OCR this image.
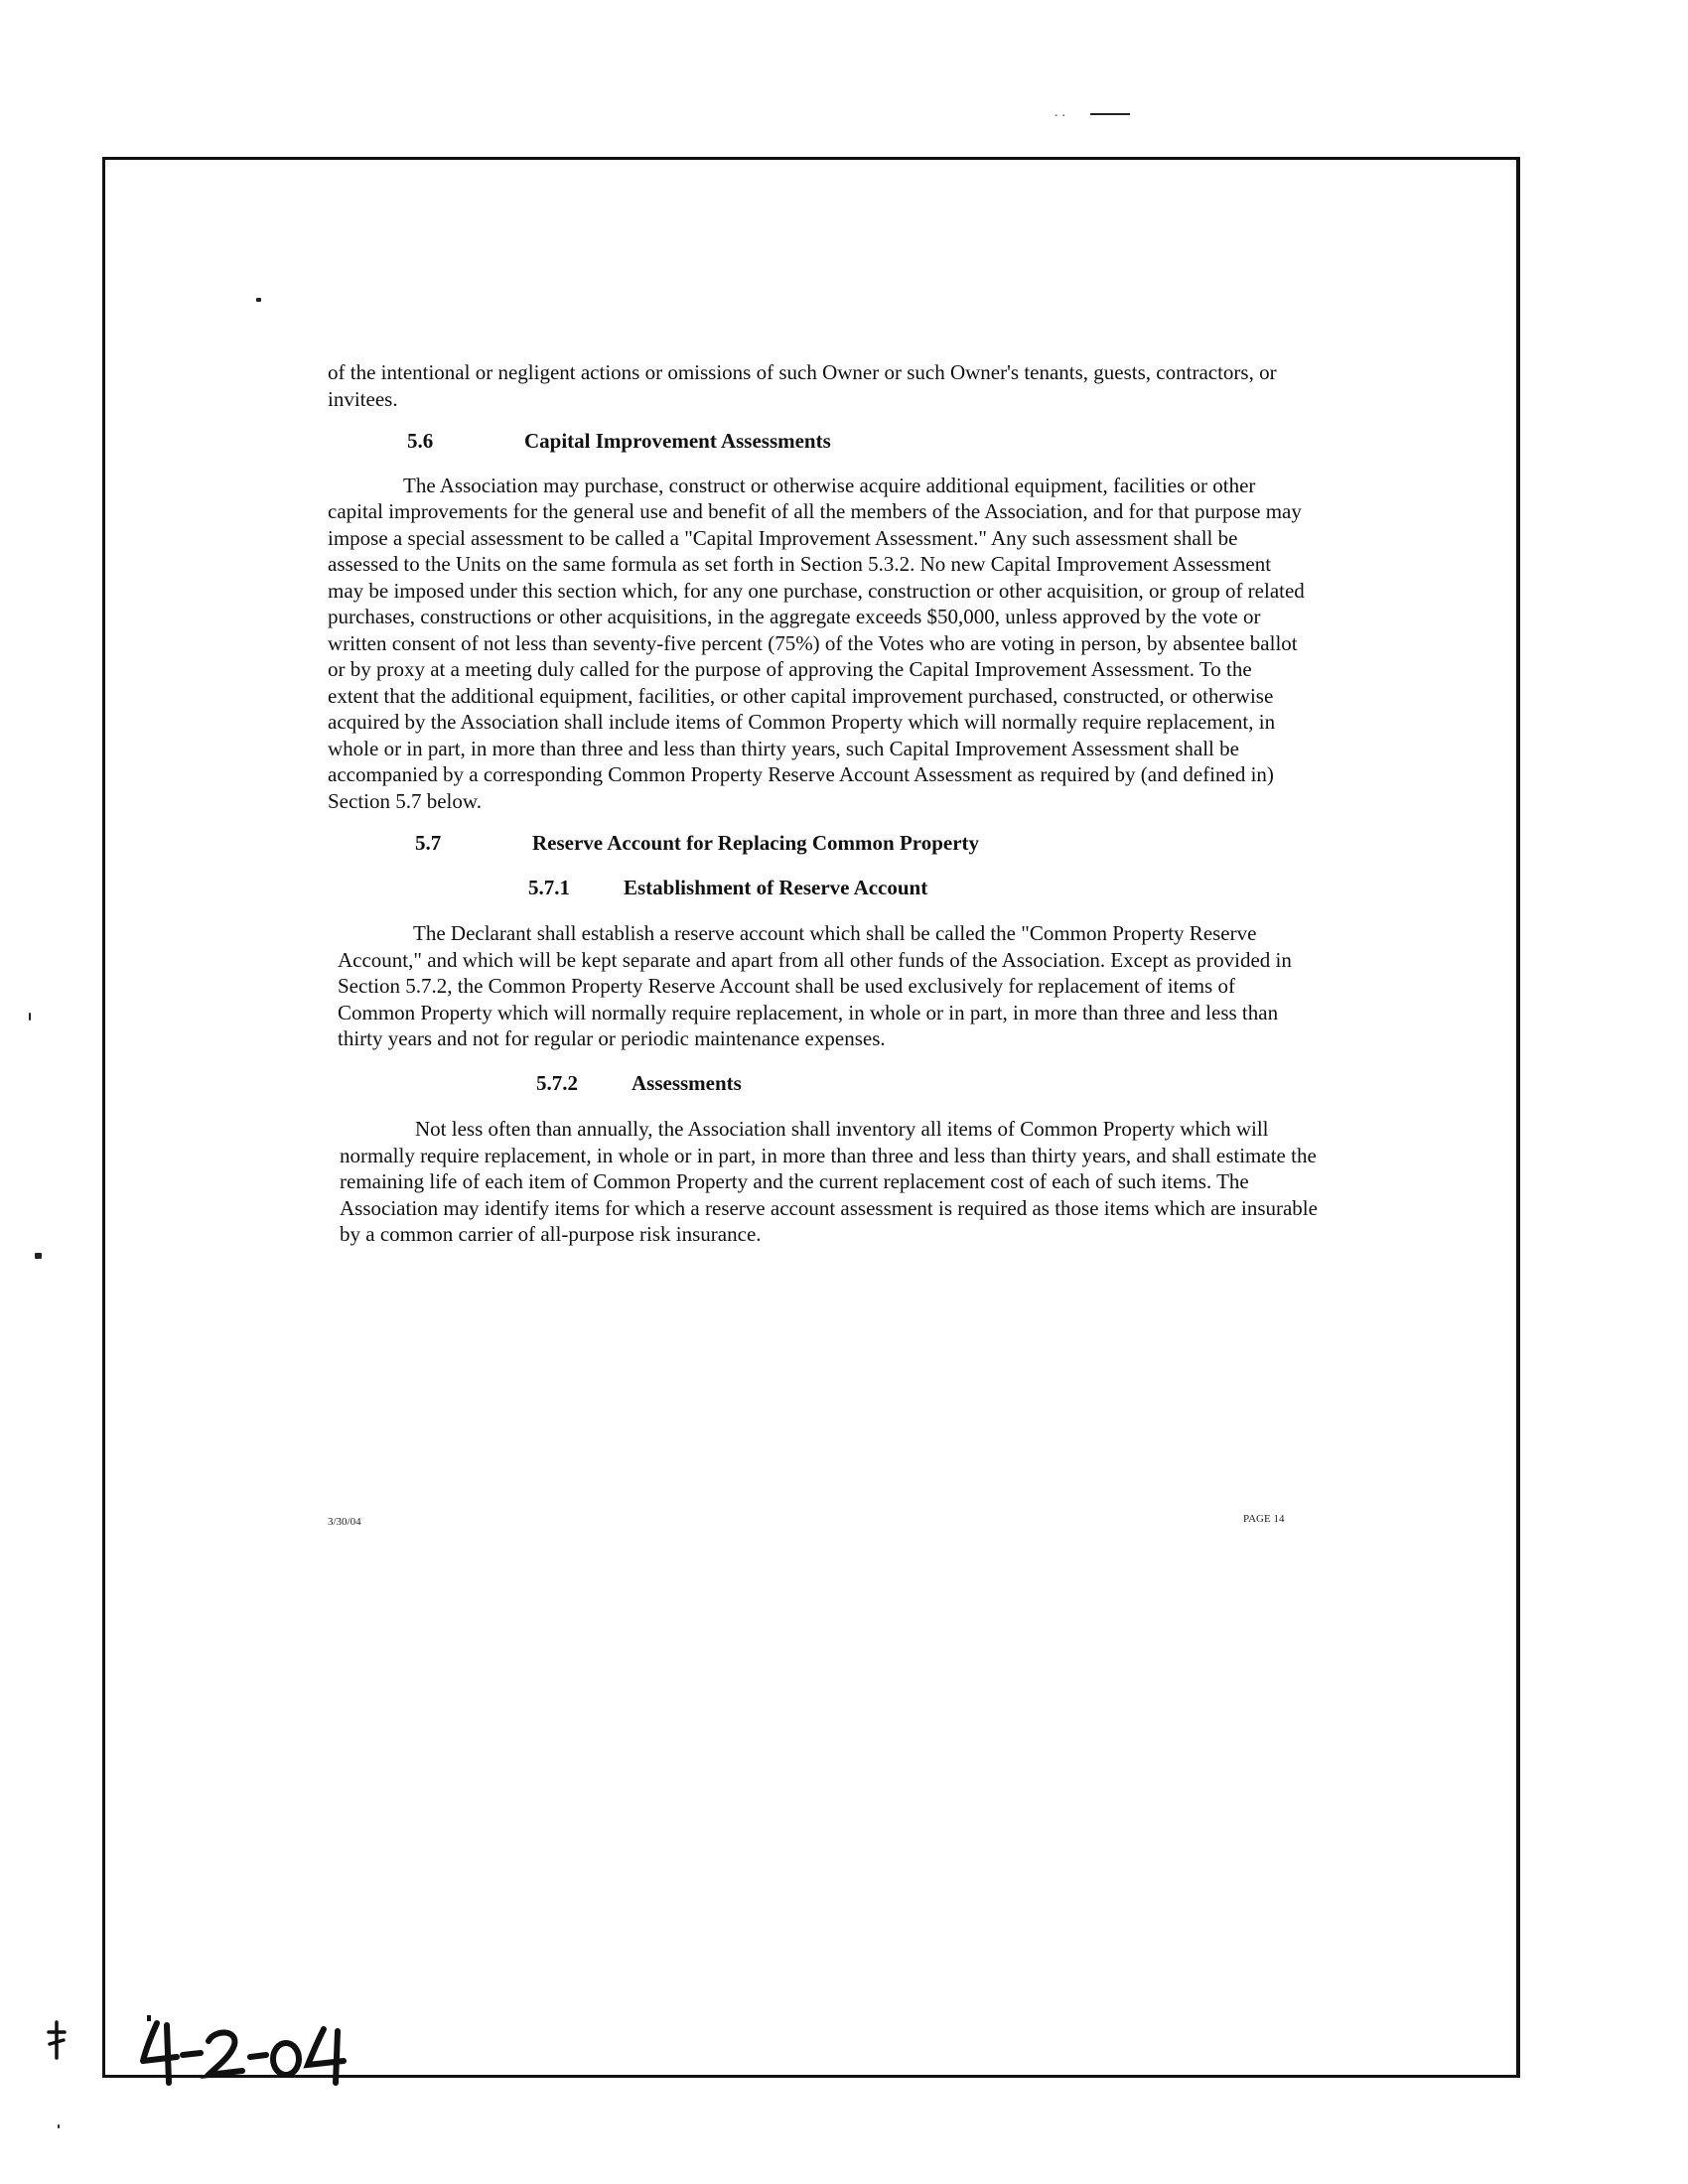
..

of the intentional or negligent actions or omissions of such Owner or such Owner's tenants, guests, contractors, or invitees.

5.6	Capital Improvement Assessments

The Association may purchase, construct or otherwise acquire additional equipment, facilities or other capital improvements for the general use and benefit of all the members of the Association, and for that purpose may impose a special assessment to be called a "Capital Improvement Assessment." Any such assessment shall be assessed to the Units on the same formula as set forth in Section 5.3.2. No new Capital Improvement Assessment may be imposed under this section which, for any one purchase, construction or other acquisition, or group of related purchases, constructions or other acquisitions, in the aggregate exceeds $50,000, unless approved by the vote or written consent of not less than seventy-five percent (75%) of the Votes who are voting in person, by absentee ballot or by proxy at a meeting duly called for the purpose of approving the Capital Improvement Assessment. To the extent that the additional equipment, facilities, or other capital improvement purchased, constructed, or otherwise acquired by the Association shall include items of Common Property which will normally require replacement, in whole or in part, in more than three and less than thirty years, such Capital Improvement Assessment shall be accompanied by a corresponding Common Property Reserve Account Assessment as required by (and defined in) Section 5.7 below.

5.7	Reserve Account for Replacing Common Property
5.7.1	Establishment of Reserve Account

The Declarant shall establish a reserve account which shall be called the "Common Property Reserve Account," and which will be kept separate and apart from all other funds of the Association. Except as provided in Section 5.7.2, the Common Property Reserve Account shall be used exclusively for replacement of items of Common Property which will normally require replacement, in whole or in part, in more than three and less than thirty years and not for regular or periodic maintenance expenses.

5.7.2	Assessments

Not less often than annually, the Association shall inventory all items of Common Property which will normally require replacement, in whole or in part, in more than three and less than thirty years, and shall estimate the remaining life of each item of Common Property and the current replacement cost of each of such items. The Association may identify items for which a reserve account assessment is required as those items which are insurable by a common carrier of all-purpose risk insurance.

3/30/04	PAGE 14
